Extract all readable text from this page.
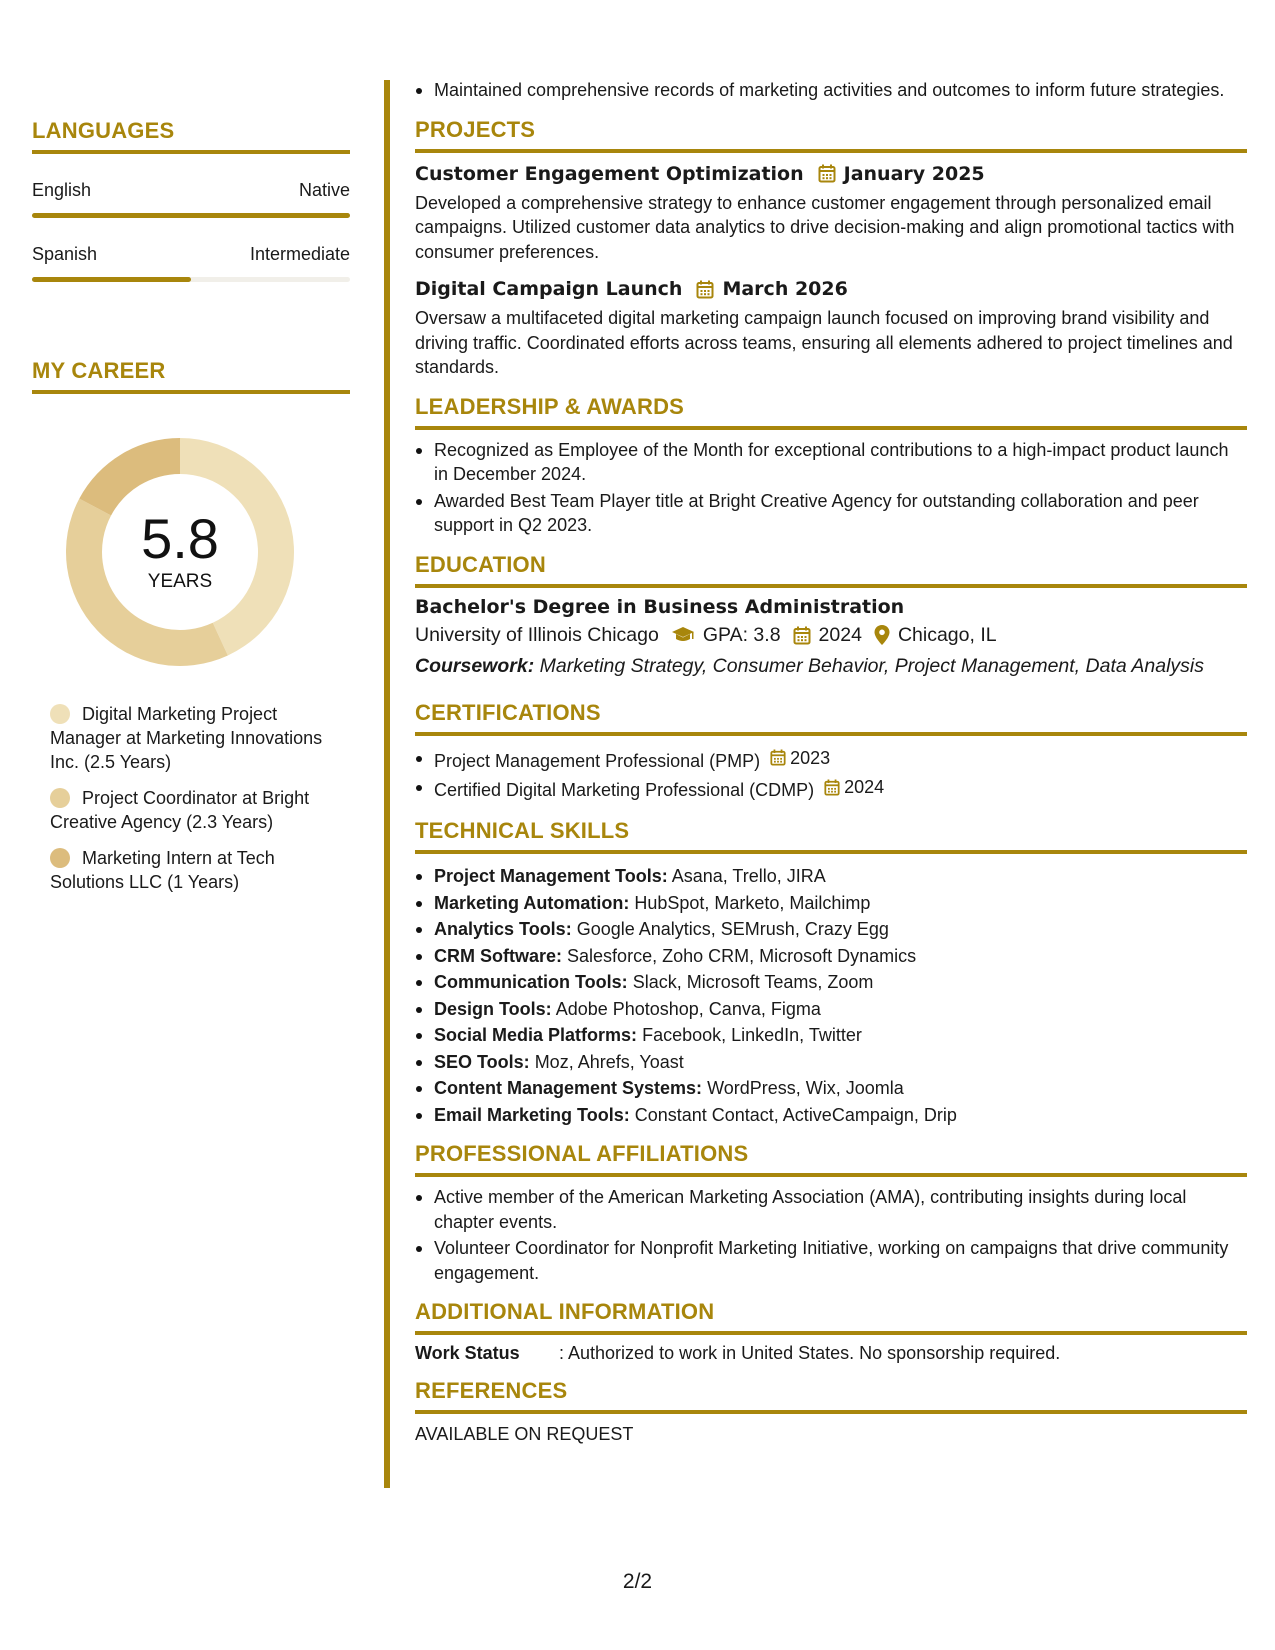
LANGUAGES
English	Native
Spanish	Intermediate
MY CAREER
5.8
YEARS
Digital Marketing Project Manager at Marketing Innovations Inc. (2.5 Years)
Project Coordinator at Bright Creative Agency (2.3 Years)
Marketing Intern at Tech Solutions LLC (1 Years)
Maintained comprehensive records of marketing activities and outcomes to inform future strategies.
PROJECTS
Customer Engagement Optimization January 2025
Developed a comprehensive strategy to enhance customer engagement through personalized email campaigns. Utilized customer data analytics to drive decision-making and align promotional tactics with consumer preferences.
Digital Campaign Launch March 2026
Oversaw a multifaceted digital marketing campaign launch focused on improving brand visibility and driving traffic. Coordinated efforts across teams, ensuring all elements adhered to project timelines and standards.
LEADERSHIP & AWARDS
Recognized as Employee of the Month for exceptional contributions to a high-impact product launch in December 2024.
Awarded Best Team Player title at Bright Creative Agency for outstanding collaboration and peer support in Q2 2023.
EDUCATION
Bachelor's Degree in Business Administration
University of Illinois Chicago GPA: 3.8 2024 Chicago, IL
Coursework: Marketing Strategy, Consumer Behavior, Project Management, Data Analysis
CERTIFICATIONS
Project Management Professional (PMP) 2023
Certified Digital Marketing Professional (CDMP) 2024
TECHNICAL SKILLS
Project Management Tools: Asana, Trello, JIRA
Marketing Automation: HubSpot, Marketo, Mailchimp
Analytics Tools: Google Analytics, SEMrush, Crazy Egg
CRM Software: Salesforce, Zoho CRM, Microsoft Dynamics
Communication Tools: Slack, Microsoft Teams, Zoom
Design Tools: Adobe Photoshop, Canva, Figma
Social Media Platforms: Facebook, LinkedIn, Twitter
SEO Tools: Moz, Ahrefs, Yoast
Content Management Systems: WordPress, Wix, Joomla
Email Marketing Tools: Constant Contact, ActiveCampaign, Drip
PROFESSIONAL AFFILIATIONS
Active member of the American Marketing Association (AMA), contributing insights during local chapter events.
Volunteer Coordinator for Nonprofit Marketing Initiative, working on campaigns that drive community engagement.
ADDITIONAL INFORMATION
Work Status	: Authorized to work in United States. No sponsorship required.
REFERENCES
AVAILABLE ON REQUEST
2/2
